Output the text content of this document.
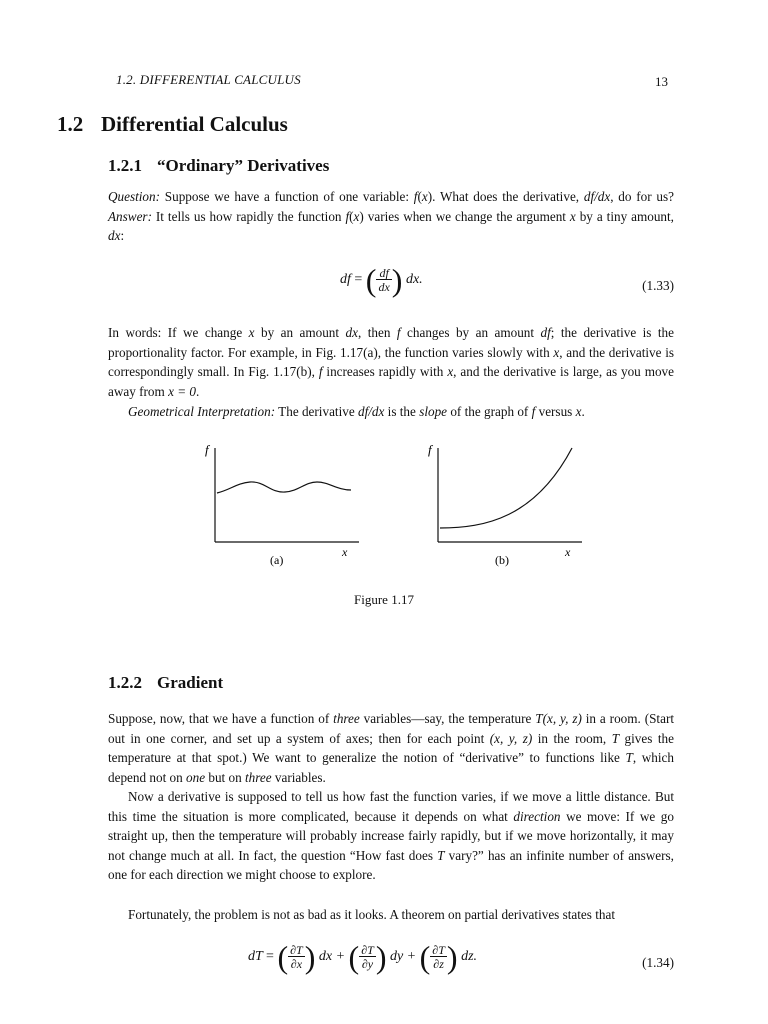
1.2. DIFFERENTIAL CALCULUS	13
1.2 Differential Calculus
1.2.1 “Ordinary” Derivatives
Question: Suppose we have a function of one variable: f(x). What does the derivative, df/dx, do for us? Answer: It tells us how rapidly the function f(x) varies when we change the argument x by a tiny amount, dx:
df = ( $\frac{df}{dx}$ ) dx.	(1.33)
In words: If we change x by an amount dx, then f changes by an amount df; the derivative is the proportionality factor. For example, in Fig. 1.17(a), the function varies slowly with x, and the derivative is correspondingly small. In Fig. 1.17(b), f increases rapidly with x, and the derivative is large, as you move away from x = 0.
Geometrical Interpretation: The derivative df/dx is the slope of the graph of f versus x.
f
x
(a)
f
x
(b)
Figure 1.17
1.2.2 Gradient
Suppose, now, that we have a function of three variables—say, the temperature T(x, y, z) in a room. (Start out in one corner, and set up a system of axes; then for each point (x, y, z) in the room, T gives the temperature at that spot.) We want to generalize the notion of “derivative” to functions like T, which depend not on one but on three variables.
Now a derivative is supposed to tell us how fast the function varies, if we move a little distance. But this time the situation is more complicated, because it depends on what direction we move: If we go straight up, then the temperature will probably increase fairly rapidly, but if we move horizontally, it may not change much at all. In fact, the question “How fast does T vary?” has an infinite number of answers, one for each direction we might choose to explore.
Fortunately, the problem is not as bad as it looks. A theorem on partial derivatives states that
dT = ( $\frac{\partial T}{\partial x}$ ) dx + ( $\frac{\partial T}{\partial y}$ ) dy + ( $\frac{\partial T}{\partial z}$ ) dz.	(1.34)
